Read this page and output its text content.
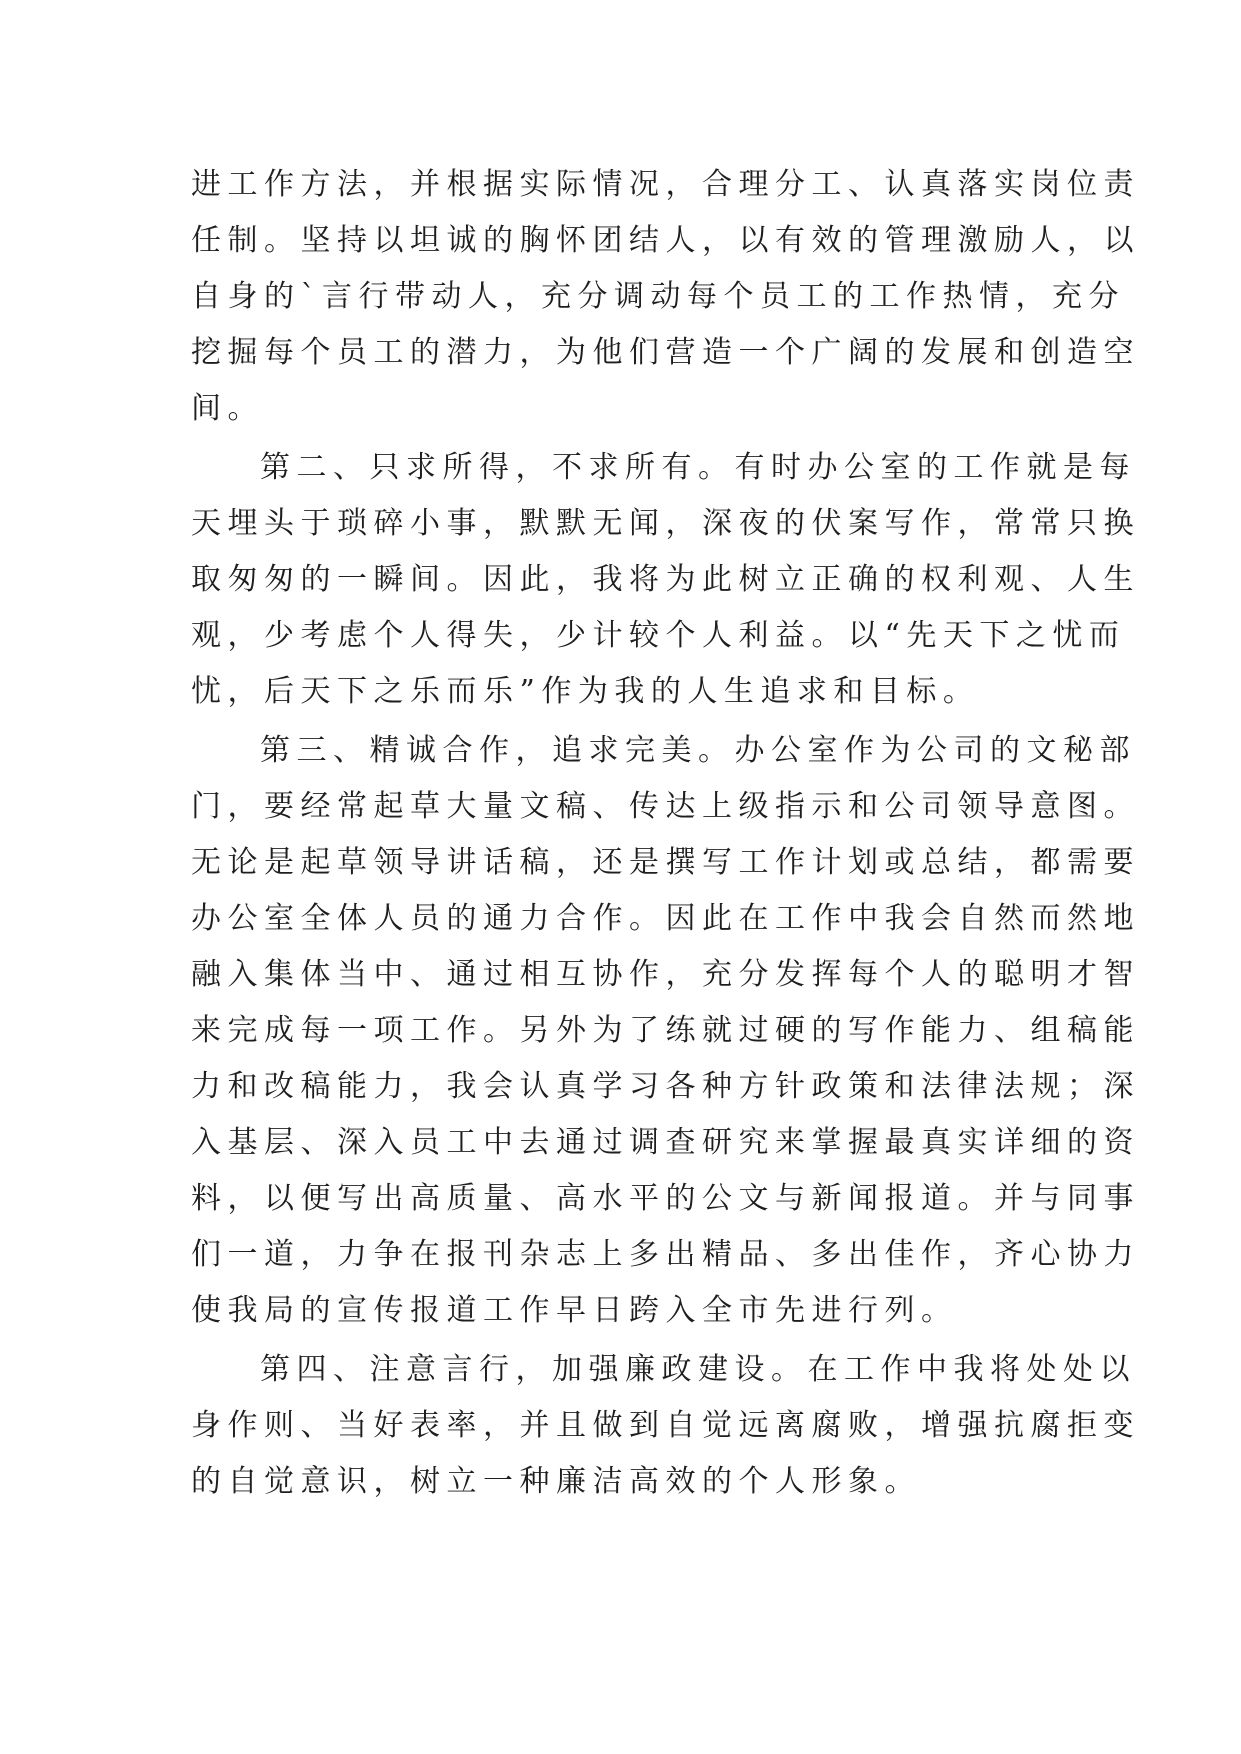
进工作方法，并根据实际情况，合理分工、认真落实岗位责
任制。坚持以坦诚的胸怀团结人，以有效的管理激励人，以
自身的`言行带动人，充分调动每个员工的工作热情，充分
挖掘每个员工的潜力，为他们营造一个广阔的发展和创造空
间。
第二、只求所得，不求所有。有时办公室的工作就是每
天埋头于琐碎小事，默默无闻，深夜的伏案写作，常常只换
取匆匆的一瞬间。因此，我将为此树立正确的权利观、人生
观，少考虑个人得失，少计较个人利益。以“先天下之忧而
忧，后天下之乐而乐”作为我的人生追求和目标。
第三、精诚合作，追求完美。办公室作为公司的文秘部
门，要经常起草大量文稿、传达上级指示和公司领导意图。
无论是起草领导讲话稿，还是撰写工作计划或总结，都需要
办公室全体人员的通力合作。因此在工作中我会自然而然地
融入集体当中、通过相互协作，充分发挥每个人的聪明才智
来完成每一项工作。另外为了练就过硬的写作能力、组稿能
力和改稿能力，我会认真学习各种方针政策和法律法规；深
入基层、深入员工中去通过调查研究来掌握最真实详细的资
料，以便写出高质量、高水平的公文与新闻报道。并与同事
们一道，力争在报刊杂志上多出精品、多出佳作，齐心协力
使我局的宣传报道工作早日跨入全市先进行列。
第四、注意言行，加强廉政建设。在工作中我将处处以
身作则、当好表率，并且做到自觉远离腐败，增强抗腐拒变
的自觉意识，树立一种廉洁高效的个人形象。
